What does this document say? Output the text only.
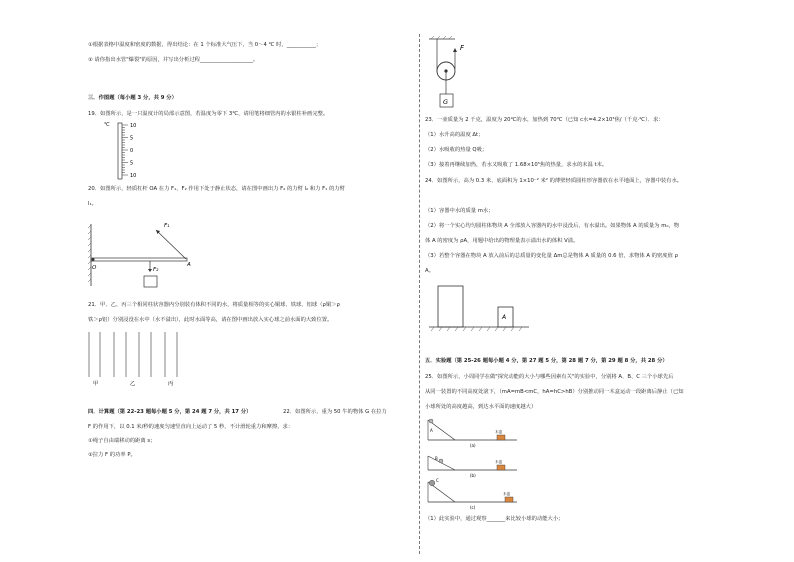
①根据表格中温度和密度的数据，得出结论：在 1 个标准大气压下，当 0～4 ℃ 时，___________；
② 请你指出水管"爆裂"的原因，并写出分析过程____________________。
三．作图题（每小题 3 分，共 9 分）
19．如图所示，是一只温度计的局部示意图，若温度为零下 3℃，请用笔将细管内的水银柱补画完整。
℃	10
5
0
5
10
20．如图所示，轻质杠杆 OA 在力 F₁、F₂ 作用下处于静止状态，请在图中画出力 F₂ 的力臂 l₂ 和力 F₁ 的力臂
l₁。
F₁
F₂
O	A
21．甲、乙、丙三个相同柱状容器内分别装有体积不同的水，将质量相等的实心铜球、铁球、铝球（ρ铜＞ρ
铁＞ρ铝）分别浸没在水中（水不溢出），此时水面等高，请在图中画出放入实心球之前水面的大致位置。
甲	乙	丙
四．计算题（第 22-23 题每小题 5 分，第 24 题 7 分，共 17 分）	22．如图所示，重为 50 牛的物体 G 在拉力
F 的作用下，以 0.1 米/秒的速度匀速竖直向上运动了 5 秒，不计滑轮重力和摩擦，求：
①绳子自由端移动的距离 s；
②拉力 F 的功率 P。
F
G
23．一壶质量为 2 千克，温度为 20℃的水，加热到 70℃（已知 c水=4.2×10³焦/（千克·℃）．求：
（1）水升高的温度 Δt；
（2）水吸收的热量 Q吸；
（3）接着再继续加热，若水又吸收了 1.68×10⁵焦的热量，求水的末温 t末。
24．如图所示，高为 0.3 米、底面积为 1×10⁻² 米² 的薄壁轻质圆柱形容器放在水平地面上，容器中装有水。
（1）容器中水的质量 m水；
（2）将一个实心均匀圆柱体物块 A 全部放入容器内的水中浸没后，有水溢出。如果物体 A 的质量为 m₀，物
体 A 的密度为 ρA，用题中给出的物理量表示溢出水的体积 V溢。
（3）若整个容器在物块 A 放入前后的总质量的变化量 Δm总是物体 A 质量的 0.6 倍，求物体 A 的密度值 ρ
A。
A
五．实验题（第 25-26 题每小题 4 分，第 27 题 5 分，第 28 题 7 分，第 29 题 8 分，共 28 分）
25．如图所示，小周同学在做"探究动能的大小与哪些因素有关"的实验中，分别将 A、B、C 三个小球先后
从同一装置的不同高度处滚下，（mA=mB<mC，hA=hC>hB）分别推动同一木盒运动一段距离后静止（已知
小球所处的高度越高，到达水平面的速度越大）
A	木盒
(a)
B
木盒
(b)
C
木盒
(c)
（1）此实验中，通过观察_______来比较小球的动能大小；
